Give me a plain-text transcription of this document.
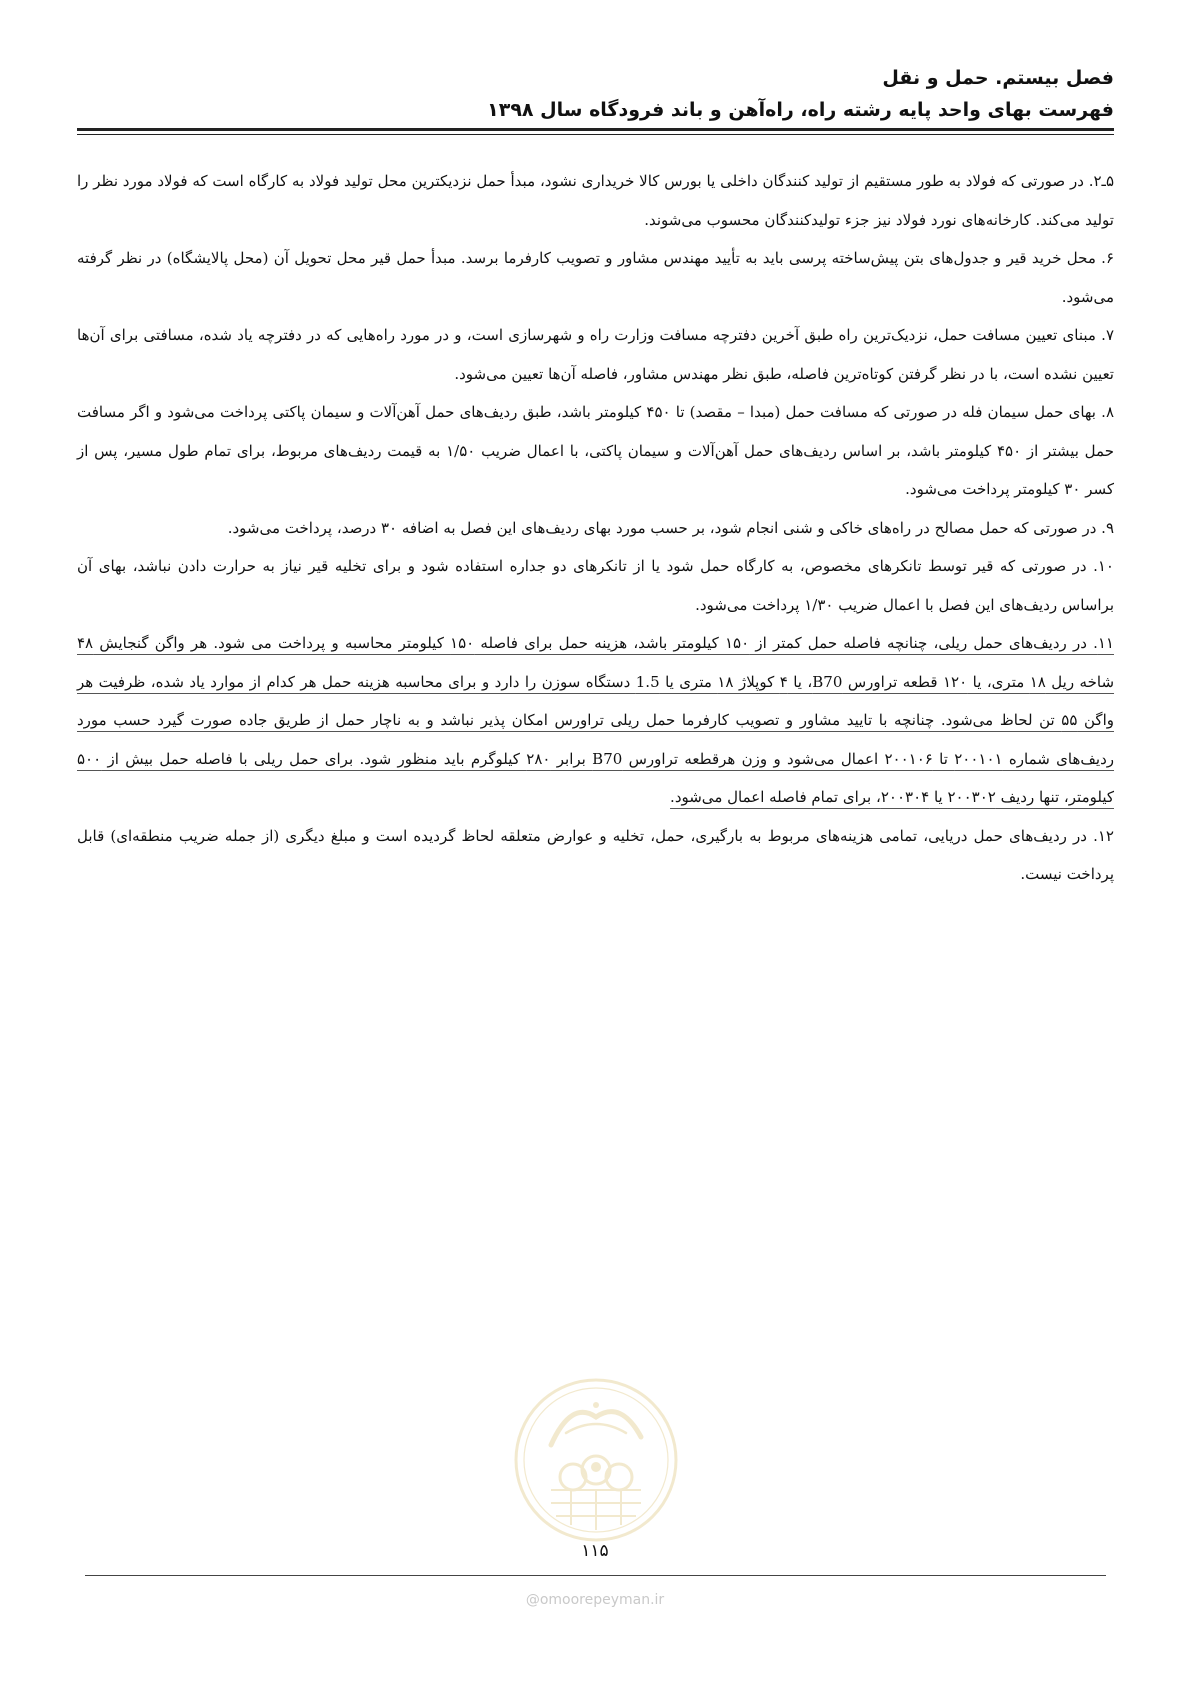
فصل بیستم. حمل و نقل
فهرست بهای واحد پایه رشته راه، راه‌آهن و باند فرودگاه سال ۱۳۹۸

۵ـ۲. در صورتی که فولاد به طور مستقیم از تولید کنندگان داخلی یا بورس کالا خریداری نشود، مبدأ حمل نزدیکترین محل تولید فولاد به کارگاه است که فولاد مورد نظر را تولید می‌کند. کارخانه‌های نورد فولاد نیز جزء تولیدکنندگان محسوب می‌شوند.

۶. محل خرید قیر و جدول‌های بتن پیش‌ساخته پرسی باید به تأیید مهندس مشاور و تصویب کارفرما برسد. مبدأ حمل قیر محل تحویل آن (محل پالایشگاه) در نظر گرفته می‌شود.

۷. مبنای تعیین مسافت حمل، نزدیک‌ترین راه طبق آخرین دفترچه مسافت وزارت راه و شهرسازی است، و در مورد راه‌هایی که در دفترچه یاد شده، مسافتی برای آن‌ها تعیین نشده است، با در نظر گرفتن کوتاه‌ترین فاصله، طبق نظر مهندس مشاور، فاصله آن‌ها تعیین می‌شود.

۸. بهای حمل سیمان فله در صورتی که مسافت حمل (مبدا – مقصد) تا ۴۵۰ کیلومتر باشد، طبق ردیف‌های حمل آهن‌آلات و سیمان پاکتی پرداخت می‌شود و اگر مسافت حمل بیشتر از ۴۵۰ کیلومتر باشد، بر اساس ردیف‌های حمل آهن‌آلات و سیمان پاکتی، با اعمال ضریب ۱/۵۰ به قیمت ردیف‌های مربوط، برای تمام طول مسیر، پس از کسر ۳۰ کیلومتر پرداخت می‌شود.

۹. در صورتی که حمل مصالح در راه‌های خاکی و شنی انجام شود، بر حسب مورد بهای ردیف‌های این فصل به اضافه ۳۰ درصد، پرداخت می‌شود.

۱۰. در صورتی که قیر توسط تانکرهای مخصوص، به کارگاه حمل شود یا از تانکرهای دو جداره استفاده شود و برای تخلیه قیر نیاز به حرارت دادن نباشد، بهای آن براساس ردیف‌های این فصل با اعمال ضریب ۱/۳۰ پرداخت می‌شود.

۱۱. در ردیف‌های حمل ریلی، چنانچه فاصله حمل کمتر از ۱۵۰ کیلومتر باشد، هزینه حمل برای فاصله ۱۵۰ کیلومتر محاسبه و پرداخت می شود. هر واگن گنجایش ۴۸ شاخه ریل ۱۸ متری، یا ۱۲۰ قطعه تراورس B70، یا ۴ کوپلاژ ۱۸ متری یا 1.5 دستگاه سوزن را دارد و برای محاسبه هزینه حمل هر کدام از موارد یاد شده، ظرفیت هر واگن ۵۵ تن لحاظ می‌شود. چنانچه با تایید مشاور و تصویب کارفرما حمل ریلی تراورس امکان پذیر نباشد و به ناچار حمل از طریق جاده صورت گیرد حسب مورد ردیف‌های شماره ۲۰۰۱۰۱ تا ۲۰۰۱۰۶ اعمال می‌شود و وزن هرقطعه تراورس B70 برابر ۲۸۰ کیلوگرم باید منظور شود. برای حمل ریلی با فاصله حمل بیش از ۵۰۰ کیلومتر، تنها ردیف ۲۰۰۳۰۲ یا ۲۰۰۳۰۴، برای تمام فاصله اعمال می‌شود.

۱۲. در ردیف‌های حمل دریایی، تمامی هزینه‌های مربوط به بارگیری، حمل، تخلیه و عوارض متعلقه لحاظ گردیده است و مبلغ دیگری (از جمله ضریب منطقه‌ای) قابل پرداخت نیست.

۱۱۵
@omoorepeyman.ir
